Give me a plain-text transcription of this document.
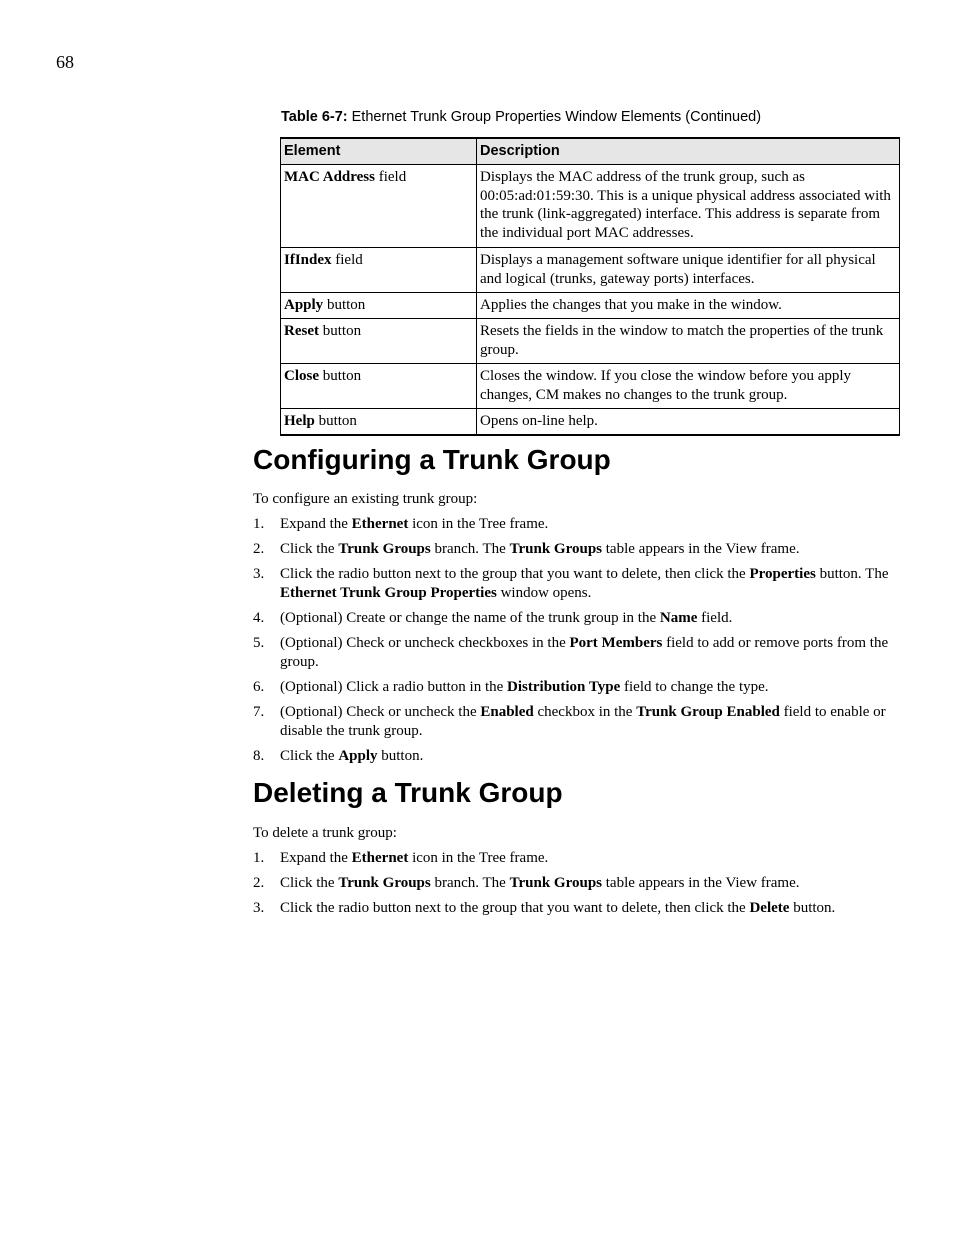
68
Table 6-7: Ethernet Trunk Group Properties Window Elements (Continued)
Element	Description
MAC Address field	Displays the MAC address of the trunk group, such as 00:05:ad:01:59:30. This is a unique physical address associated with the trunk (link-aggregated) interface. This address is separate from the individual port MAC addresses.
IfIndex field	Displays a management software unique identifier for all physical and logical (trunks, gateway ports) interfaces.
Apply button	Applies the changes that you make in the window.
Reset button	Resets the fields in the window to match the properties of the trunk group.
Close button	Closes the window. If you close the window before you apply changes, CM makes no changes to the trunk group.
Help button	Opens on-line help.
Configuring a Trunk Group

To configure an existing trunk group:

1. Expand the Ethernet icon in the Tree frame.
2. Click the Trunk Groups branch. The Trunk Groups table appears in the View frame.
3. Click the radio button next to the group that you want to delete, then click the Properties button. The Ethernet Trunk Group Properties window opens.
4. (Optional) Create or change the name of the trunk group in the Name field.
5. (Optional) Check or uncheck checkboxes in the Port Members field to add or remove ports from the group.
6. (Optional) Click a radio button in the Distribution Type field to change the type.
7. (Optional) Check or uncheck the Enabled checkbox in the Trunk Group Enabled field to enable or disable the trunk group.
8. Click the Apply button.
Deleting a Trunk Group

To delete a trunk group:

1. Expand the Ethernet icon in the Tree frame.
2. Click the Trunk Groups branch. The Trunk Groups table appears in the View frame.
3. Click the radio button next to the group that you want to delete, then click the Delete button.
